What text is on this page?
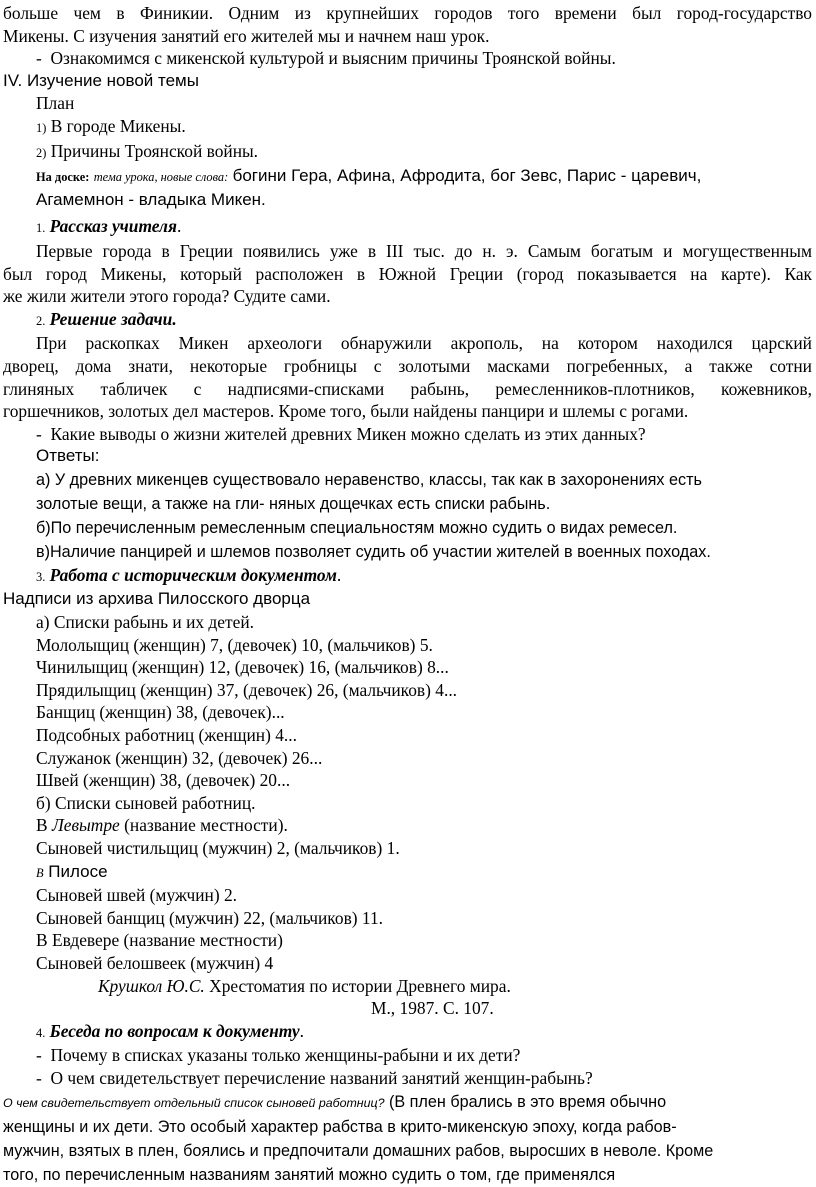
больше чем в Финикии. Одним из крупнейших городов того времени был город-государство

Микены. С изучения занятий его жителей мы и начнем наш урок.

-  Ознакомимся с микенской культурой и выясним причины Троянской войны.

IV. Изучение новой темы

План

1) В городе Микены.

2) Причины Троянской войны.

На доске: тема урока, новые слова: богини Гера, Афина, Афродита, бог Зевс, Парис - царевич,

Агамемнон - владыка Микен.

1. Рассказ учителя.

Первые города в Греции появились уже в III тыс. до н. э. Самым богатым и могущественным

был город Микены, который расположен в Южной Греции (город показывается на карте). Как

же жили жители этого города? Судите сами.

2. Решение задачи.

При раскопках Микен археологи обнаружили акрополь, на котором находился царский

дворец, дома знати, некоторые гробницы с золотыми масками погребенных, а также сотни

глиняных табличек с надписями-списками рабынь, ремесленников-плотников, кожевников,

горшечников, золотых дел мастеров. Кроме того, были найдены панцири и шлемы с рогами.

-  Какие выводы о жизни жителей древних Микен можно сделать из этих данных?

Ответы:

а) У древних микенцев существовало неравенство, классы, так как в захоронениях есть

золотые вещи, а также на гли- няных дощечках есть списки рабынь.

б)По перечисленным ремесленным специальностям можно судить о видах ремесел.

в)Наличие панцирей и шлемов позволяет судить об участии жителей в военных походах.

3. Работа с историческим документом.

Надписи из архива Пилосского дворца

а) Списки рабынь и их детей.

Мололыщиц (женщин) 7, (девочек) 10, (мальчиков) 5.

Чинилыщиц (женщин) 12, (девочек) 16, (мальчиков) 8...

Прядилыщиц (женщин) 37, (девочек) 26, (мальчиков) 4...

Банщиц (женщин) 38, (девочек)...

Подсобных работниц (женщин) 4...

Служанок (женщин) 32, (девочек) 26...

Швей (женщин) 38, (девочек) 20...

б) Списки сыновей работниц.

В Левытре (название местности).

Сыновей чистильщиц (мужчин) 2, (мальчиков) 1.

В Пилосе

Сыновей швей (мужчин) 2.

Сыновей банщиц (мужчин) 22, (мальчиков) 11.

В Евдевере (название местности)

Сыновей белошвеек (мужчин) 4

Крушкол Ю.С. Хрестоматия по истории Древнего мира.

М., 1987. С. 107.

4. Беседа по вопросам к документу.

-  Почему в списках указаны только женщины-рабыни и их дети?

-  О чем свидетельствует перечисление названий занятий женщин-рабынь?

О чем свидетельствует отдельный список сыновей работниц? (В плен брались в это время обычно

женщины и их дети. Это особый характер рабства в крито-микенскую эпоху, когда рабов-

мужчин, взятых в плен, боялись и предпочитали домашних рабов, выросших в неволе. Кроме

того, по перечисленным названиям занятий можно судить о том, где применялся
